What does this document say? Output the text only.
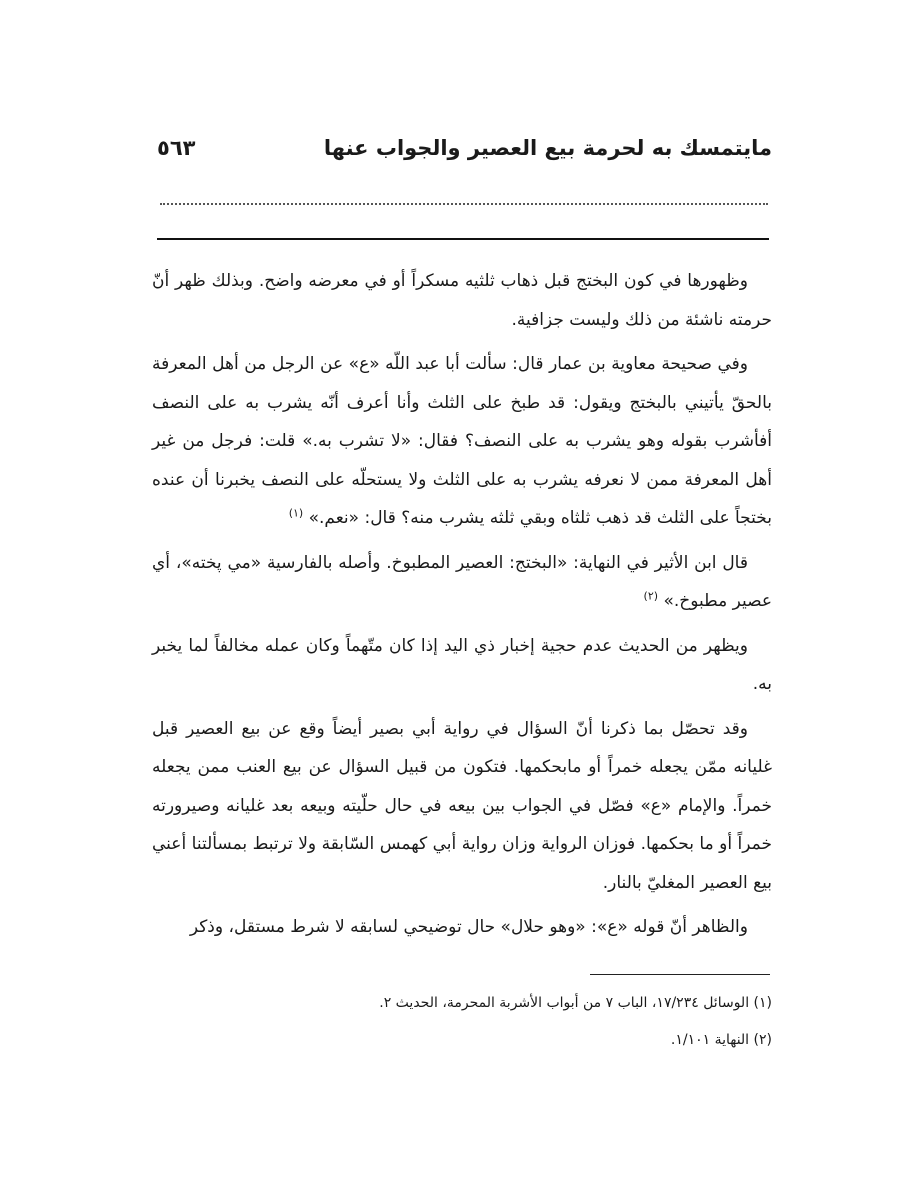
مايتمسك به لحرمة بيع العصير والجواب عنها
٥٦٣

وظهورها في كون البختج قبل ذهاب ثلثيه مسكراً أو في معرضه واضح. وبذلك ظهر أنّ حرمته ناشئة من ذلك وليست جزافية.

وفي صحيحة معاوية بن عمار قال: سألت أبا عبد اللّه «ع» عن الرجل من أهل المعرفة بالحقّ يأتيني بالبختج ويقول: قد طبخ على الثلث وأنا أعرف أنّه يشرب به على النصف أفأشرب بقوله وهو يشرب به على النصف؟ فقال: «لا تشرب به.» قلت: فرجل من غير أهل المعرفة ممن لا نعرفه يشرب به على الثلث ولا يستحلّه على النصف يخبرنا أن عنده بختجاً على الثلث قد ذهب ثلثاه وبقي ثلثه يشرب منه؟ قال: «نعم.» $^{(١)}$

قال ابن الأثير في النهاية: «البختج: العصير المطبوخ. وأصله بالفارسية «مي پخته»، أي عصير مطبوخ.» $^{(٢)}$

ويظهر من الحديث عدم حجية إخبار ذي اليد إذا كان متّهماً وكان عمله مخالفاً لما يخبر به.

وقد تحصّل بما ذكرنا أنّ السؤال في رواية أبي بصير أيضاً وقع عن بيع العصير قبل غليانه ممّن يجعله خمراً أو مابحكمها. فتكون من قبيل السؤال عن بيع العنب ممن يجعله خمراً. والإمام «ع» فصّل في الجواب بين بيعه في حال حلّيته وبيعه بعد غليانه وصيرورته خمراً أو ما بحكمها. فوزان الرواية وزان رواية أبي كهمس السّابقة ولا ترتبط بمسألتنا أعني بيع العصير المغليّ بالنار.

والظاهر أنّ قوله «ع»: «وهو حلال» حال توضيحي لسابقه لا شرط مستقل، وذكر

(١) الوسائل ١٧/٢٣٤، الباب ٧ من أبواب الأشربة المحرمة، الحديث ٢.
(٢) النهاية ١/١٠١.
